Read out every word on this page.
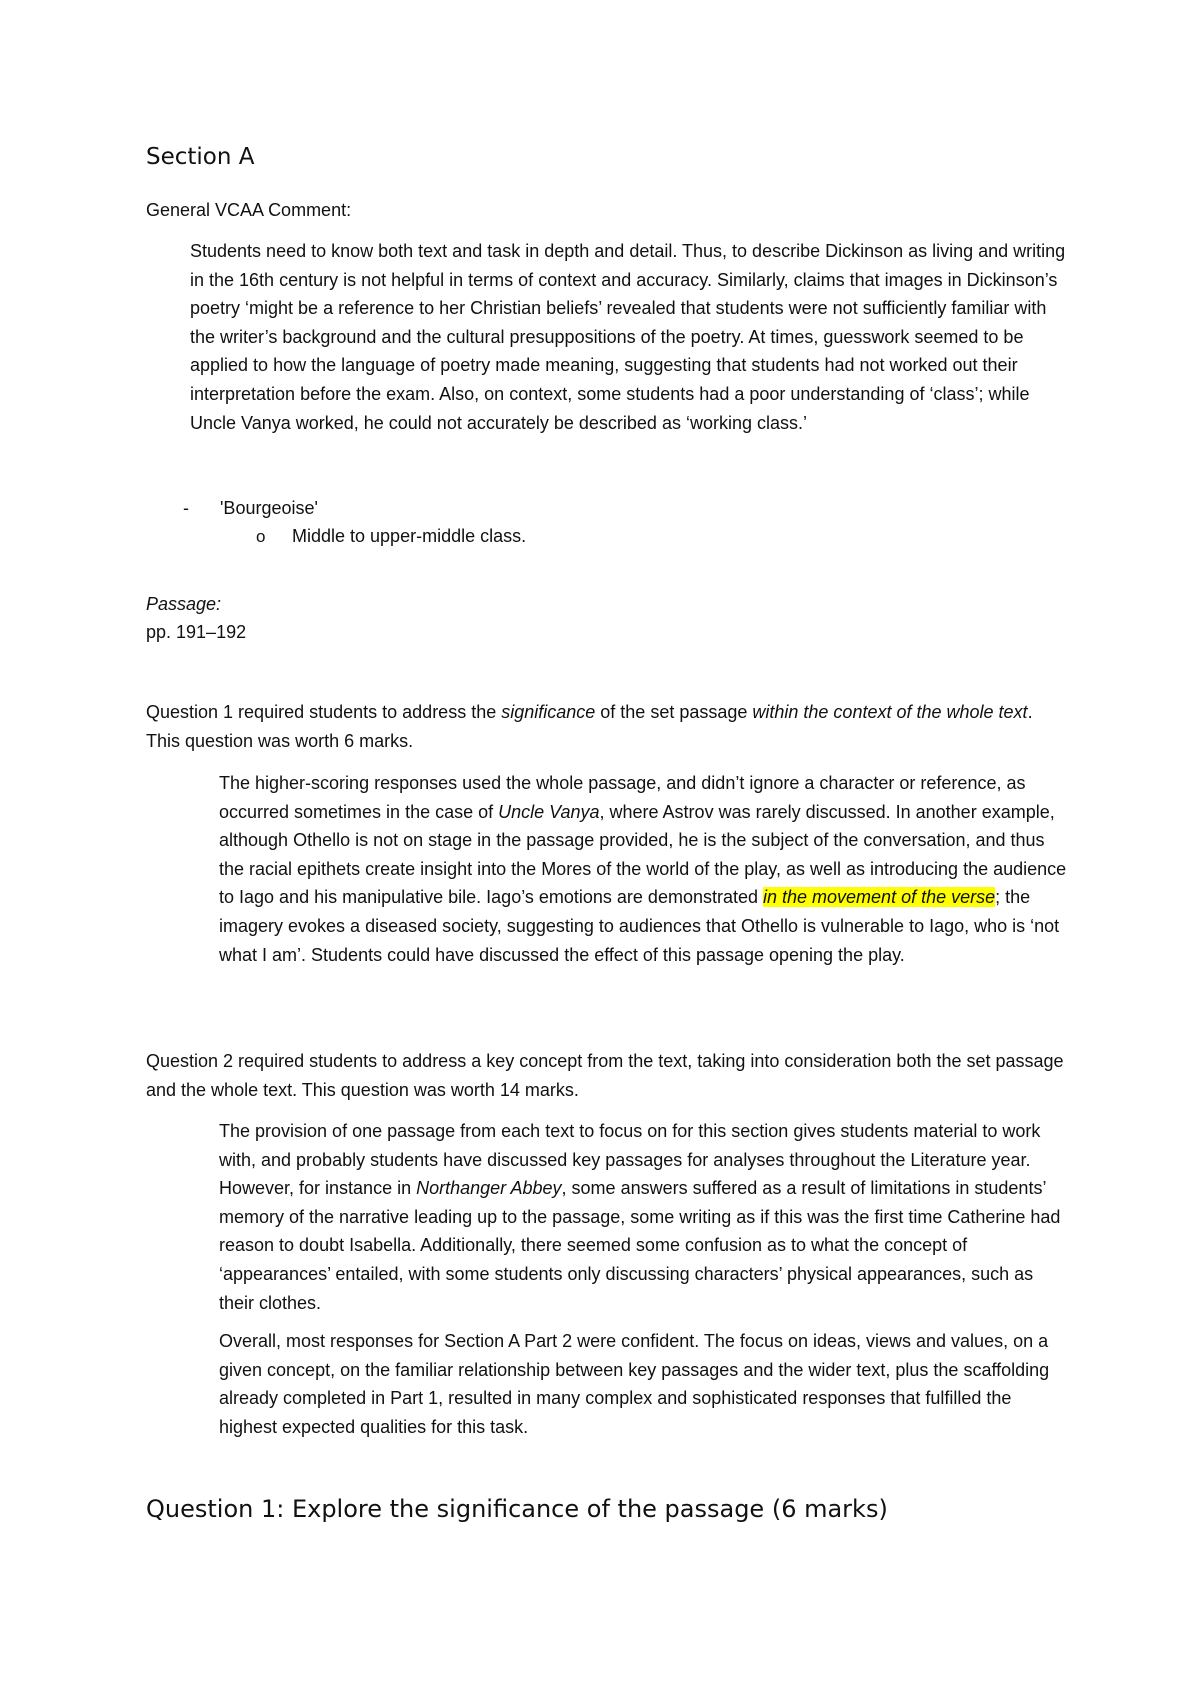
Section A

General VCAA Comment:

Students need to know both text and task in depth and detail. Thus, to describe Dickinson as living and writing in the 16th century is not helpful in terms of context and accuracy. Similarly, claims that images in Dickinson’s poetry ‘might be a reference to her Christian beliefs’ revealed that students were not sufficiently familiar with the writer’s background and the cultural presuppositions of the poetry. At times, guesswork seemed to be applied to how the language of poetry made meaning, suggesting that students had not worked out their interpretation before the exam. Also, on context, some students had a poor understanding of ‘class’; while Uncle Vanya worked, he could not accurately be described as ‘working class.’

- 'Bourgeoise'
o Middle to upper-middle class.

Passage:

pp. 191–192

Question 1 required students to address the significance of the set passage within the context of the whole text. This question was worth 6 marks.

The higher-scoring responses used the whole passage, and didn’t ignore a character or reference, as occurred sometimes in the case of Uncle Vanya, where Astrov was rarely discussed. In another example, although Othello is not on stage in the passage provided, he is the subject of the conversation, and thus the racial epithets create insight into the Mores of the world of the play, as well as introducing the audience to Iago and his manipulative bile. Iago’s emotions are demonstrated in the movement of the verse; the imagery evokes a diseased society, suggesting to audiences that Othello is vulnerable to Iago, who is ‘not what I am’. Students could have discussed the effect of this passage opening the play.

Question 2 required students to address a key concept from the text, taking into consideration both the set passage and the whole text. This question was worth 14 marks.

The provision of one passage from each text to focus on for this section gives students material to work with, and probably students have discussed key passages for analyses throughout the Literature year. However, for instance in Northanger Abbey, some answers suffered as a result of limitations in students’ memory of the narrative leading up to the passage, some writing as if this was the first time Catherine had reason to doubt Isabella. Additionally, there seemed some confusion as to what the concept of ‘appearances’ entailed, with some students only discussing characters’ physical appearances, such as their clothes.

Overall, most responses for Section A Part 2 were confident. The focus on ideas, views and values, on a given concept, on the familiar relationship between key passages and the wider text, plus the scaffolding already completed in Part 1, resulted in many complex and sophisticated responses that fulfilled the highest expected qualities for this task.

Question 1: Explore the significance of the passage (6 marks)
